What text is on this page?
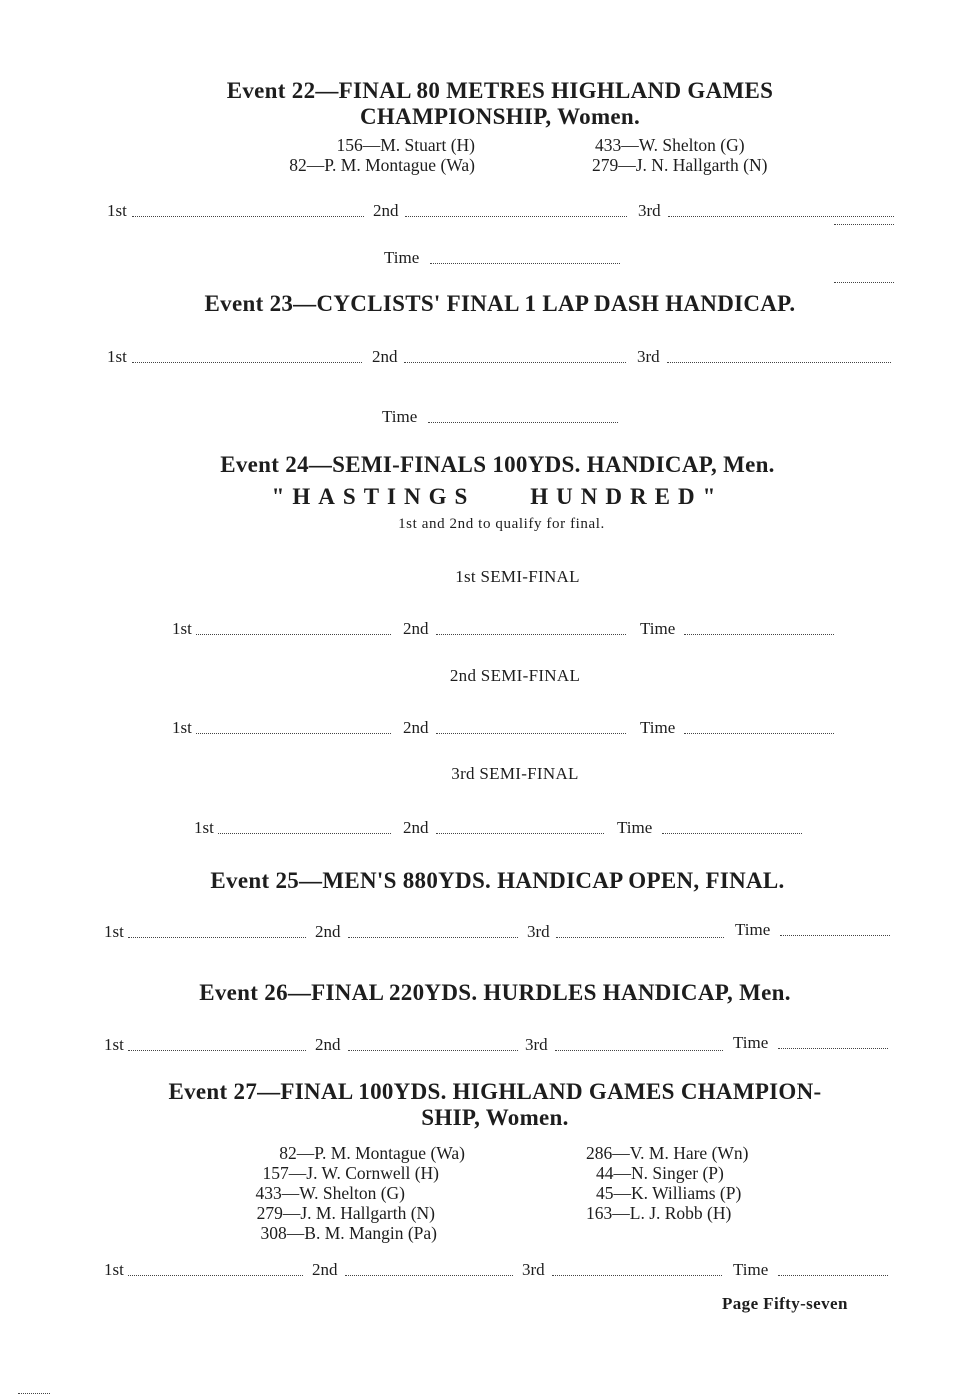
Event 22—FINAL 80 METRES HIGHLAND GAMES
CHAMPIONSHIP, Women.
156—M. Stuart (H)
82—P. M. Montague (Wa)
433—W. Shelton (G)
279—J. N. Hallgarth (N)
1st	2nd	3rd
Time
Event 23—CYCLISTS' FINAL 1 LAP DASH HANDICAP.
1st	2nd	3rd
Time
Event 24—SEMI-FINALS 100YDS. HANDICAP, Men.
"HASTINGS    HUNDRED"
1st and 2nd to qualify for final.
1st SEMI-FINAL
1st	2nd	Time
2nd SEMI-FINAL
1st	2nd	Time
3rd SEMI-FINAL
1st	2nd	Time
Event 25—MEN'S 880YDS. HANDICAP OPEN, FINAL.
1st	2nd	3rd	Time
Event 26—FINAL 220YDS. HURDLES HANDICAP, Men.
1st	2nd	3rd	Time
Event 27—FINAL 100YDS. HIGHLAND GAMES CHAMPION-
SHIP, Women.
82—P. M. Montague (Wa)
157—J. W. Cornwell (H)
433—W. Shelton (G)
279—J. M. Hallgarth (N)
308—B. M. Mangin (Pa)
286—V. M. Hare (Wn)
44—N. Singer (P)
45—K. Williams (P)
163—L. J. Robb (H)
1st	2nd	3rd	Time
Page Fifty-seven
